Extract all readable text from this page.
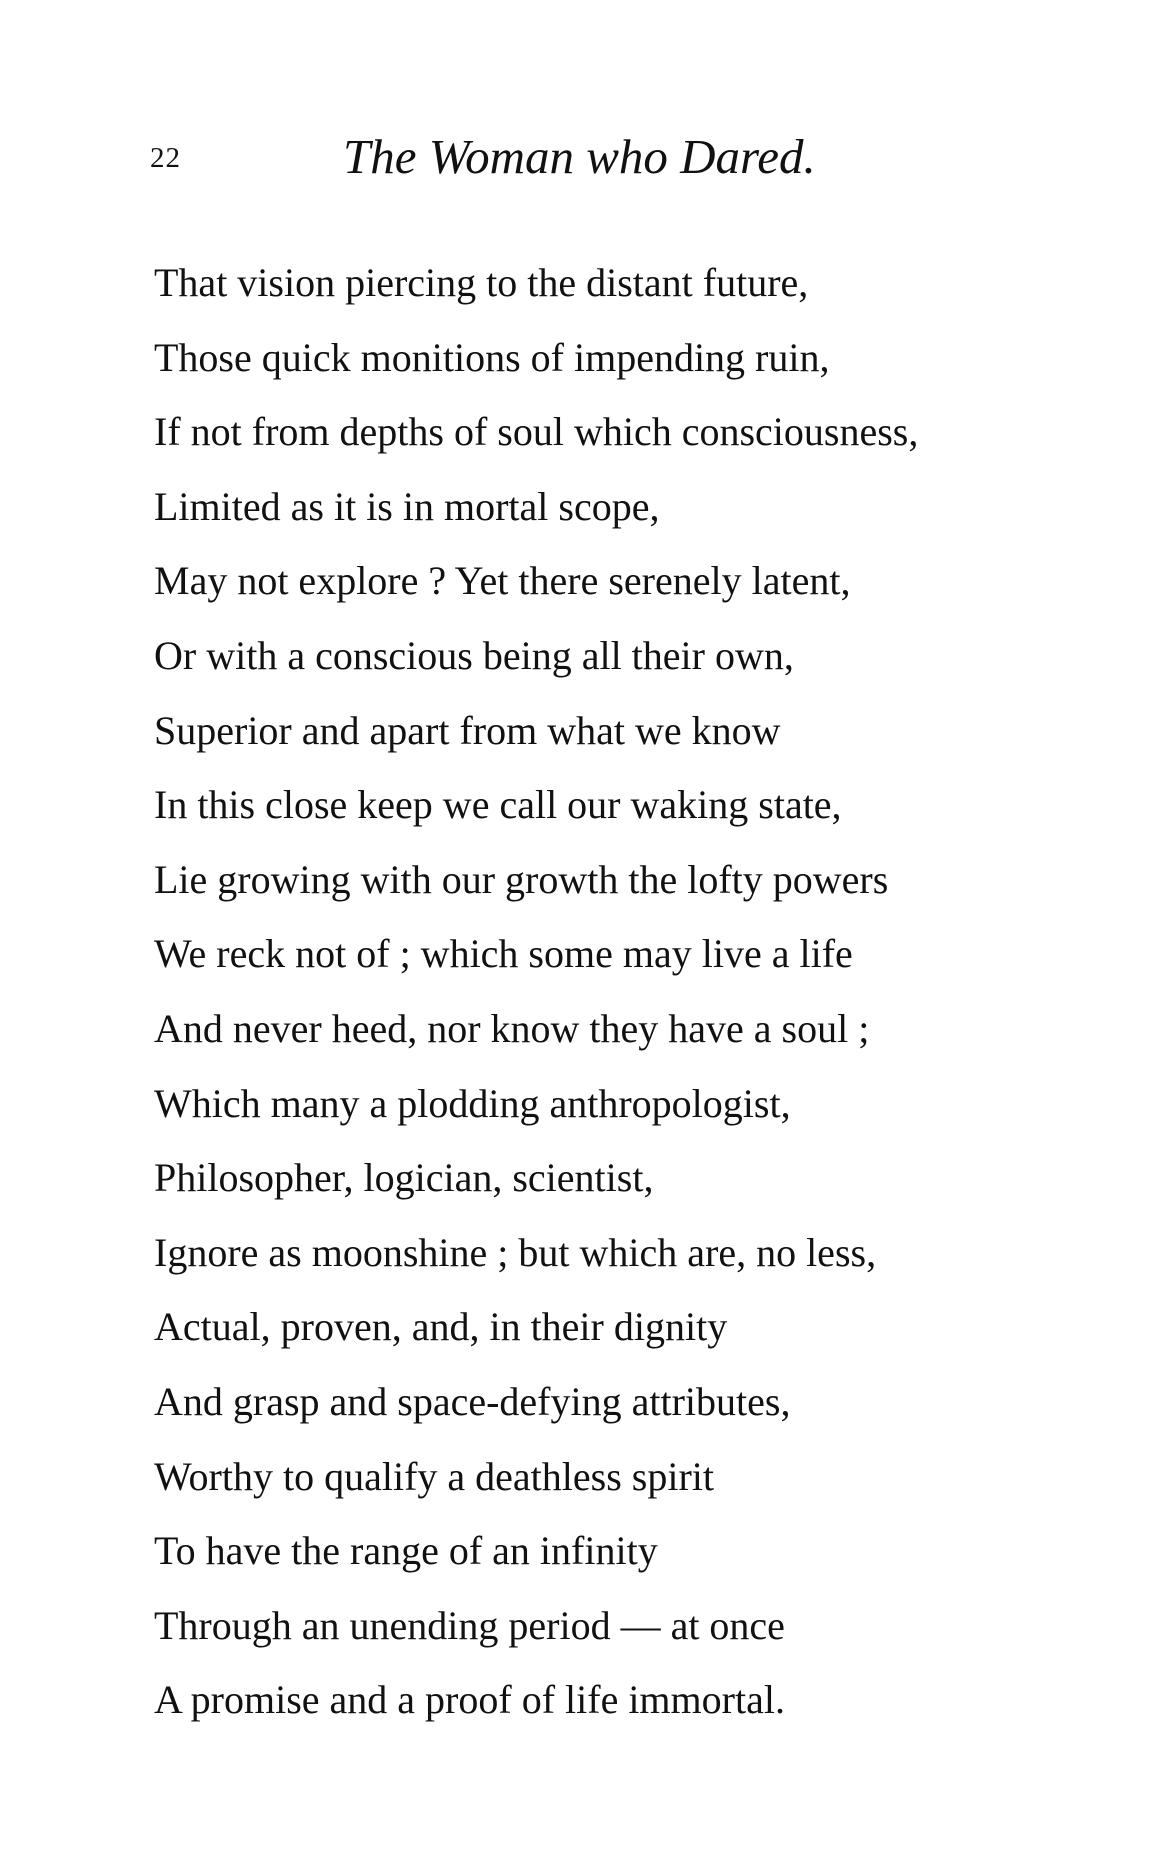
22	The Woman who Dared.
That vision piercing to the distant future,
Those quick monitions of impending ruin,
If not from depths of soul which consciousness,
Limited as it is in mortal scope,
May not explore ? Yet there serenely latent,
Or with a conscious being all their own,
Superior and apart from what we know
In this close keep we call our waking state,
Lie growing with our growth the lofty powers
We reck not of ; which some may live a life
And never heed, nor know they have a soul ;
Which many a plodding anthropologist,
Philosopher, logician, scientist,
Ignore as moonshine ; but which are, no less,
Actual, proven, and, in their dignity
And grasp and space-defying attributes,
Worthy to qualify a deathless spirit
To have the range of an infinity
Through an unending period — at once
A promise and a proof of life immortal.
